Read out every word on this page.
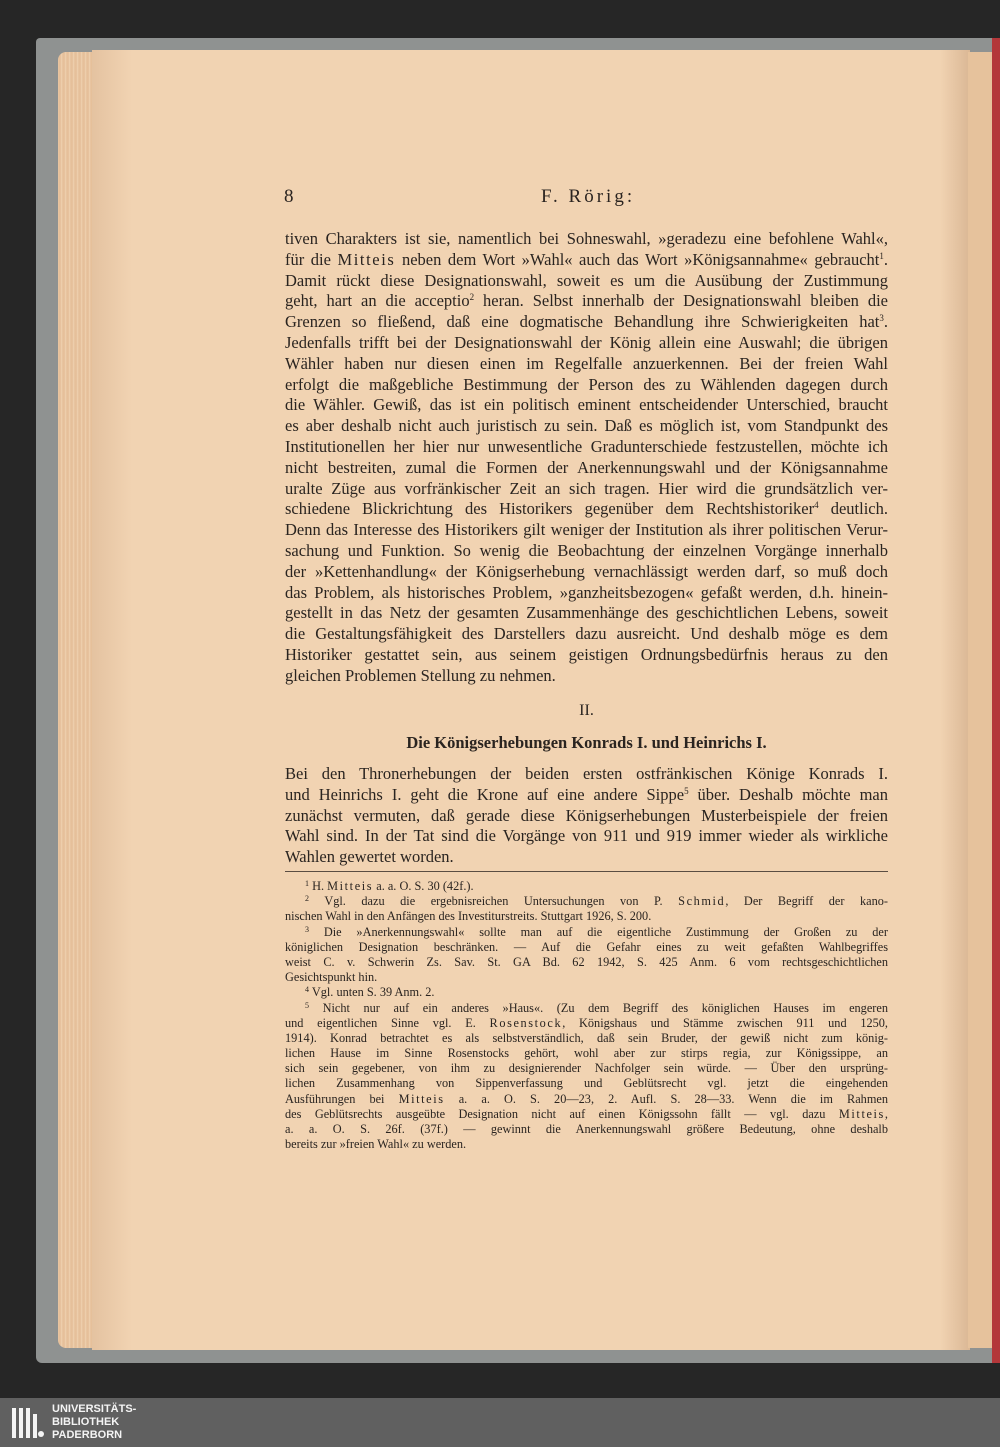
8	F. Rörig:
tiven Charakters ist sie, namentlich bei Sohneswahl, »geradezu eine befohlene Wahl«,
für die Mitteis neben dem Wort »Wahl« auch das Wort »Königsannahme« gebraucht$^1$.
Damit rückt diese Designationswahl, soweit es um die Ausübung der Zustimmung
geht, hart an die acceptio$^2$ heran. Selbst innerhalb der Designationswahl bleiben die
Grenzen so fließend, daß eine dogmatische Behandlung ihre Schwierigkeiten hat$^3$.
Jedenfalls trifft bei der Designationswahl der König allein eine Auswahl; die übrigen
Wähler haben nur diesen einen im Regelfalle anzuerkennen. Bei der freien Wahl
erfolgt die maßgebliche Bestimmung der Person des zu Wählenden dagegen durch
die Wähler. Gewiß, das ist ein politisch eminent entscheidender Unterschied, braucht
es aber deshalb nicht auch juristisch zu sein. Daß es möglich ist, vom Standpunkt des
Institutionellen her hier nur unwesentliche Gradunterschiede festzustellen, möchte ich
nicht bestreiten, zumal die Formen der Anerkennungswahl und der Königsannahme
uralte Züge aus vorfränkischer Zeit an sich tragen. Hier wird die grundsätzlich ver-
schiedene Blickrichtung des Historikers gegenüber dem Rechtshistoriker$^4$ deutlich.
Denn das Interesse des Historikers gilt weniger der Institution als ihrer politischen Verur-
sachung und Funktion. So wenig die Beobachtung der einzelnen Vorgänge innerhalb
der »Kettenhandlung« der Königserhebung vernachlässigt werden darf, so muß doch
das Problem, als historisches Problem, »ganzheitsbezogen« gefaßt werden, d.h. hinein-
gestellt in das Netz der gesamten Zusammenhänge des geschichtlichen Lebens, soweit
die Gestaltungsfähigkeit des Darstellers dazu ausreicht. Und deshalb möge es dem
Historiker gestattet sein, aus seinem geistigen Ordnungsbedürfnis heraus zu den
gleichen Problemen Stellung zu nehmen.
II.
Die Königserhebungen Konrads I. und Heinrichs I.
Bei den Thronerhebungen der beiden ersten ostfränkischen Könige Konrads I.
und Heinrichs I. geht die Krone auf eine andere Sippe$^5$ über. Deshalb möchte man
zunächst vermuten, daß gerade diese Königserhebungen Musterbeispiele der freien
Wahl sind. In der Tat sind die Vorgänge von 911 und 919 immer wieder als wirkliche
Wahlen gewertet worden.
$^1$ H. Mitteis a. a. O. S. 30 (42f.).
$^2$ Vgl. dazu die ergebnisreichen Untersuchungen von P. Schmid, Der Begriff der kano-
nischen Wahl in den Anfängen des Investiturstreits. Stuttgart 1926, S. 200.
$^3$ Die »Anerkennungswahl« sollte man auf die eigentliche Zustimmung der Großen zu der
königlichen Designation beschränken. — Auf die Gefahr eines zu weit gefaßten Wahlbegriffes
weist C. v. Schwerin Zs. Sav. St. GA Bd. 62 1942, S. 425 Anm. 6 vom rechtsgeschichtlichen
Gesichtspunkt hin.
$^4$ Vgl. unten S. 39 Anm. 2.
$^5$ Nicht nur auf ein anderes »Haus«. (Zu dem Begriff des königlichen Hauses im engeren
und eigentlichen Sinne vgl. E. Rosenstock, Königshaus und Stämme zwischen 911 und 1250,
1914). Konrad betrachtet es als selbstverständlich, daß sein Bruder, der gewiß nicht zum könig-
lichen Hause im Sinne Rosenstocks gehört, wohl aber zur stirps regia, zur Königssippe, an
sich sein gegebener, von ihm zu designierender Nachfolger sein würde. — Über den ursprüng-
lichen Zusammenhang von Sippenverfassung und Geblütsrecht vgl. jetzt die eingehenden
Ausführungen bei Mitteis a. a. O. S. 20—23, 2. Aufl. S. 28—33. Wenn die im Rahmen
des Geblütsrechts ausgeübte Designation nicht auf einen Königssohn fällt — vgl. dazu Mitteis,
a. a. O. S. 26f. (37f.) — gewinnt die Anerkennungswahl größere Bedeutung, ohne deshalb
bereits zur »freien Wahl« zu werden.
UNIVERSITÄTS-
BIBLIOTHEK
PADERBORN
